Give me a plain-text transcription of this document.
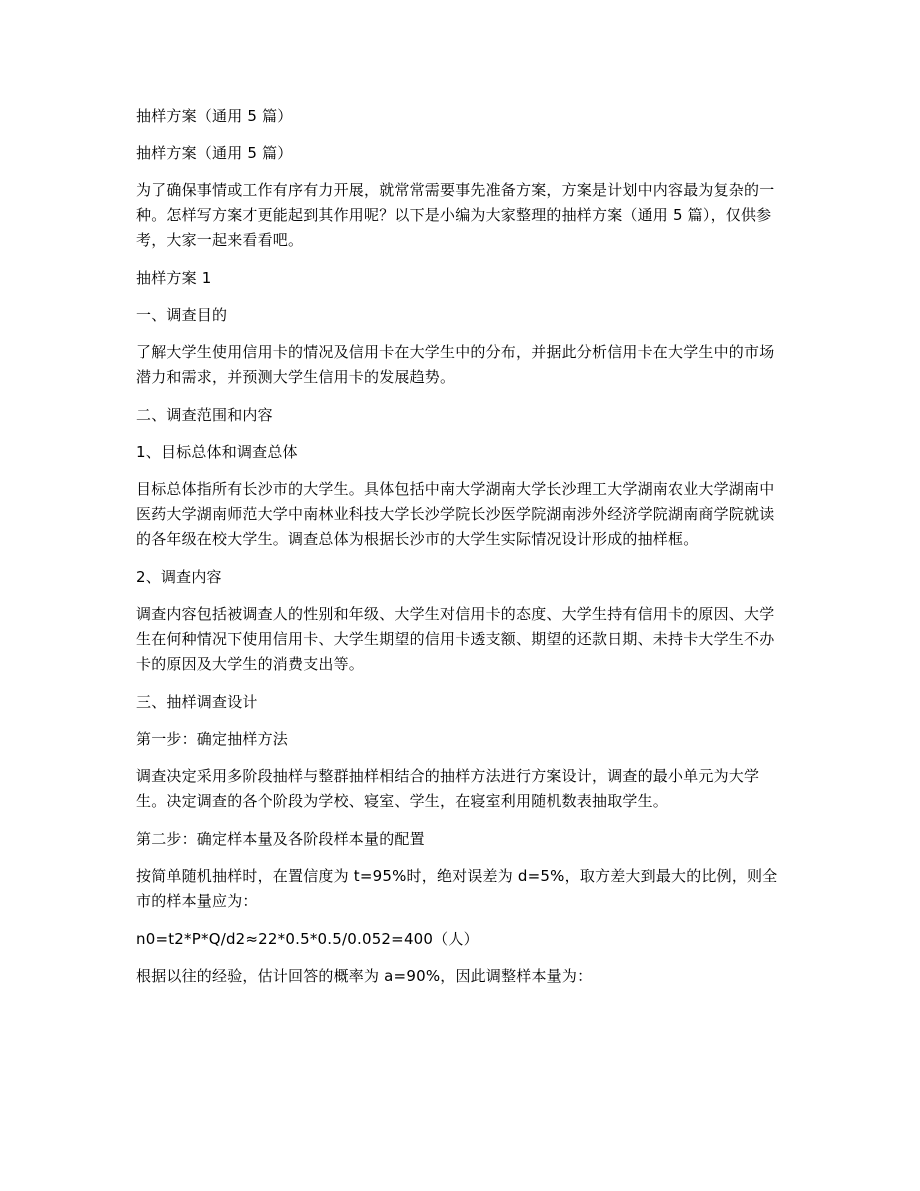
抽样方案（通用 5 篇）

抽样方案（通用 5 篇）

为了确保事情或工作有序有力开展，就常常需要事先准备方案，方案是计划中内容最为复杂的一种。怎样写方案才更能起到其作用呢？以下是小编为大家整理的抽样方案（通用 5 篇），仅供参考，大家一起来看看吧。

抽样方案 1

一、调查目的

了解大学生使用信用卡的情况及信用卡在大学生中的分布，并据此分析信用卡在大学生中的市场潜力和需求，并预测大学生信用卡的发展趋势。

二、调查范围和内容

1、目标总体和调查总体

目标总体指所有长沙市的大学生。具体包括中南大学湖南大学长沙理工大学湖南农业大学湖南中医药大学湖南师范大学中南林业科技大学长沙学院长沙医学院湖南涉外经济学院湖南商学院就读的各年级在校大学生。调查总体为根据长沙市的大学生实际情况设计形成的抽样框。

2、调查内容

调查内容包括被调查人的性别和年级、大学生对信用卡的态度、大学生持有信用卡的原因、大学生在何种情况下使用信用卡、大学生期望的信用卡透支额、期望的还款日期、未持卡大学生不办卡的原因及大学生的消费支出等。

三、抽样调查设计

第一步：确定抽样方法

调查决定采用多阶段抽样与整群抽样相结合的抽样方法进行方案设计，调查的最小单元为大学生。决定调查的各个阶段为学校、寝室、学生，在寝室利用随机数表抽取学生。

第二步：确定样本量及各阶段样本量的配置

按简单随机抽样时，在置信度为 t=95%时，绝对误差为 d=5%，取方差大到最大的比例，则全市的样本量应为：

n0=t2*P*Q/d2≈22*0.5*0.5/0.052=400（人）

根据以往的经验，估计回答的概率为 a=90%，因此调整样本量为：
